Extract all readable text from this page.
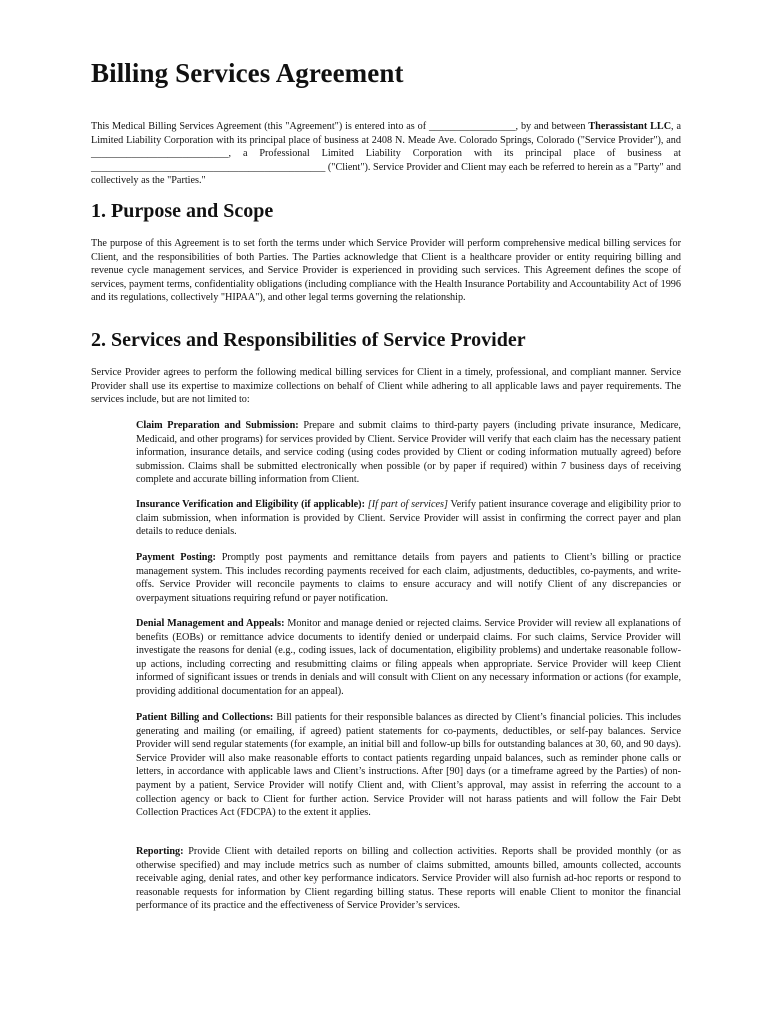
Billing Services Agreement

This Medical Billing Services Agreement (this "Agreement") is entered into as of _________________, by and between Therassistant LLC, a Limited Liability Corporation with its principal place of business at 2408 N. Meade Ave. Colorado Springs, Colorado ("Service Provider"), and ___________________________, a Professional Limited Liability Corporation with its principal place of business at ______________________________________________ ("Client"). Service Provider and Client may each be referred to herein as a "Party" and collectively as the "Parties."

1. Purpose and Scope

The purpose of this Agreement is to set forth the terms under which Service Provider will perform comprehensive medical billing services for Client, and the responsibilities of both Parties. The Parties acknowledge that Client is a healthcare provider or entity requiring billing and revenue cycle management services, and Service Provider is experienced in providing such services. This Agreement defines the scope of services, payment terms, confidentiality obligations (including compliance with the Health Insurance Portability and Accountability Act of 1996 and its regulations, collectively "HIPAA"), and other legal terms governing the relationship.

2. Services and Responsibilities of Service Provider

Service Provider agrees to perform the following medical billing services for Client in a timely, professional, and compliant manner. Service Provider shall use its expertise to maximize collections on behalf of Client while adhering to all applicable laws and payer requirements. The services include, but are not limited to:

Claim Preparation and Submission: Prepare and submit claims to third-party payers (including private insurance, Medicare, Medicaid, and other programs) for services provided by Client. Service Provider will verify that each claim has the necessary patient information, insurance details, and service coding (using codes provided by Client or coding information mutually agreed) before submission. Claims shall be submitted electronically when possible (or by paper if required) within 7 business days of receiving complete and accurate billing information from Client.

Insurance Verification and Eligibility (if applicable): [If part of services] Verify patient insurance coverage and eligibility prior to claim submission, when information is provided by Client. Service Provider will assist in confirming the correct payer and plan details to reduce denials.

Payment Posting: Promptly post payments and remittance details from payers and patients to Client’s billing or practice management system. This includes recording payments received for each claim, adjustments, deductibles, co-payments, and write-offs. Service Provider will reconcile payments to claims to ensure accuracy and will notify Client of any discrepancies or overpayment situations requiring refund or payer notification.

Denial Management and Appeals: Monitor and manage denied or rejected claims. Service Provider will review all explanations of benefits (EOBs) or remittance advice documents to identify denied or underpaid claims. For such claims, Service Provider will investigate the reasons for denial (e.g., coding issues, lack of documentation, eligibility problems) and undertake reasonable follow-up actions, including correcting and resubmitting claims or filing appeals when appropriate. Service Provider will keep Client informed of significant issues or trends in denials and will consult with Client on any necessary information or actions (for example, providing additional documentation for an appeal).

Patient Billing and Collections: Bill patients for their responsible balances as directed by Client’s financial policies. This includes generating and mailing (or emailing, if agreed) patient statements for co-payments, deductibles, or self-pay balances. Service Provider will send regular statements (for example, an initial bill and follow-up bills for outstanding balances at 30, 60, and 90 days). Service Provider will also make reasonable efforts to contact patients regarding unpaid balances, such as reminder phone calls or letters, in accordance with applicable laws and Client’s instructions. After [90] days (or a timeframe agreed by the Parties) of non-payment by a patient, Service Provider will notify Client and, with Client’s approval, may assist in referring the account to a collection agency or back to Client for further action. Service Provider will not harass patients and will follow the Fair Debt Collection Practices Act (FDCPA) to the extent it applies.

Reporting: Provide Client with detailed reports on billing and collection activities. Reports shall be provided monthly (or as otherwise specified) and may include metrics such as number of claims submitted, amounts billed, amounts collected, accounts receivable aging, denial rates, and other key performance indicators. Service Provider will also furnish ad-hoc reports or respond to reasonable requests for information by Client regarding billing status. These reports will enable Client to monitor the financial performance of its practice and the effectiveness of Service Provider’s services.
